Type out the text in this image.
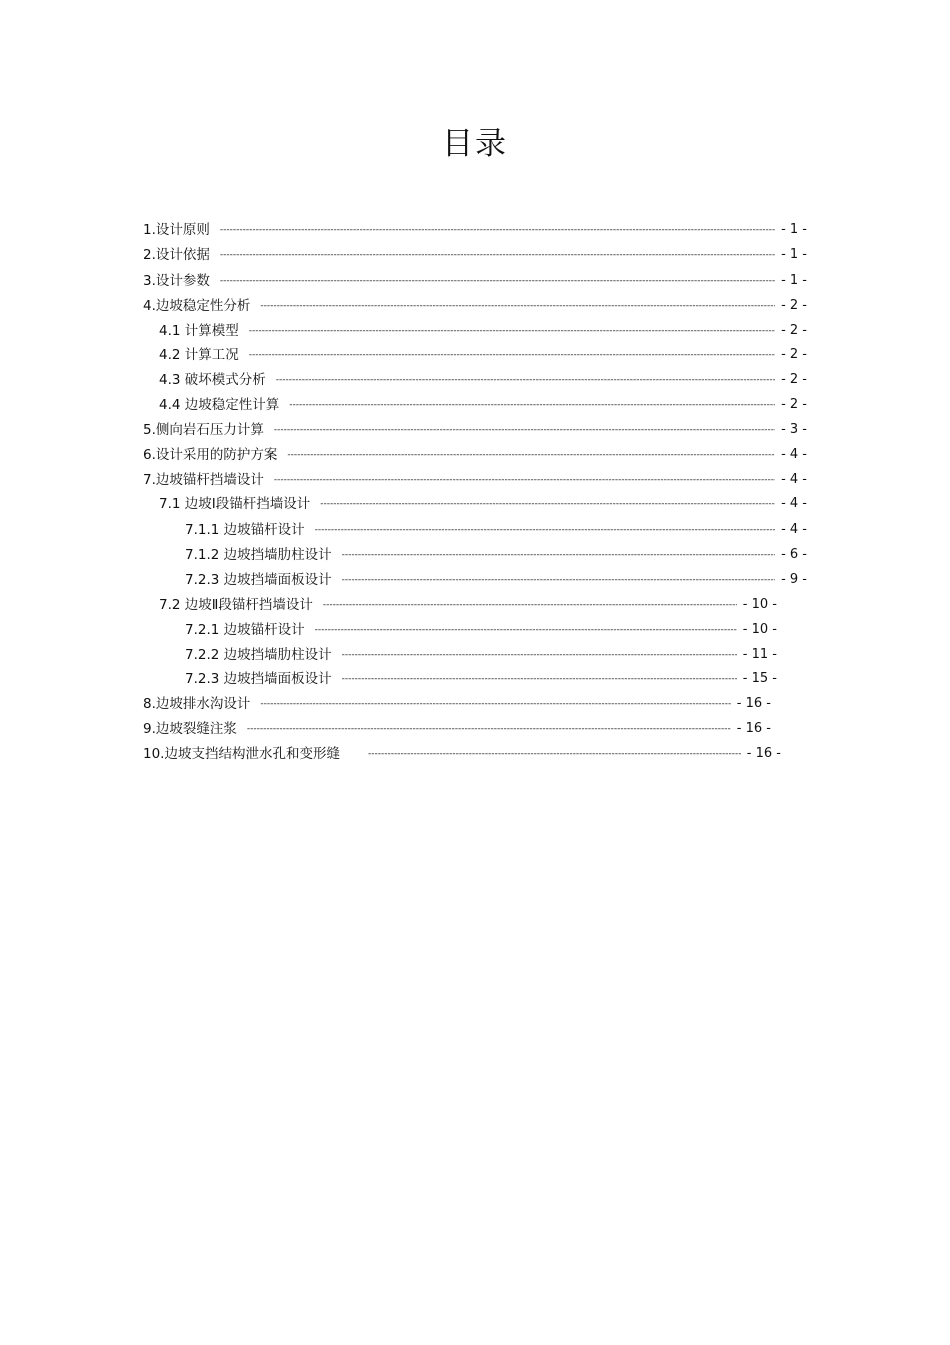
目录
1.设计原则 -----	- 1 -
2.设计依据 -----	- 1 -
3.设计参数 -----	- 1 -
4.边坡稳定性分析 -----	- 2 -
4.1 计算模型 -----	- 2 -
4.2 计算工况 -----	- 2 -
4.3 破坏模式分析 -----	- 2 -
4.4 边坡稳定性计算 -----	- 2 -
5.侧向岩石压力计算 -----	- 3 -
6.设计采用的防护方案 -----	- 4 -
7.边坡锚杆挡墙设计 -----	- 4 -
7.1 边坡Ⅰ段锚杆挡墙设计 -----	- 4 -
7.1.1 边坡锚杆设计 -----	- 4 -
7.1.2 边坡挡墙肋柱设计 -----	- 6 -
7.2.3 边坡挡墙面板设计 -----	- 9 -
7.2 边坡Ⅱ段锚杆挡墙设计 -----	- 10 -
7.2.1 边坡锚杆设计 -----	- 10 -
7.2.2 边坡挡墙肋柱设计 -----	- 11 -
7.2.3 边坡挡墙面板设计 -----	- 15 -
8.边坡排水沟设计 -----	- 16 -
9.边坡裂缝注浆 -----	- 16 -
10.边坡支挡结构泄水孔和变形缝 -----	- 16 -
